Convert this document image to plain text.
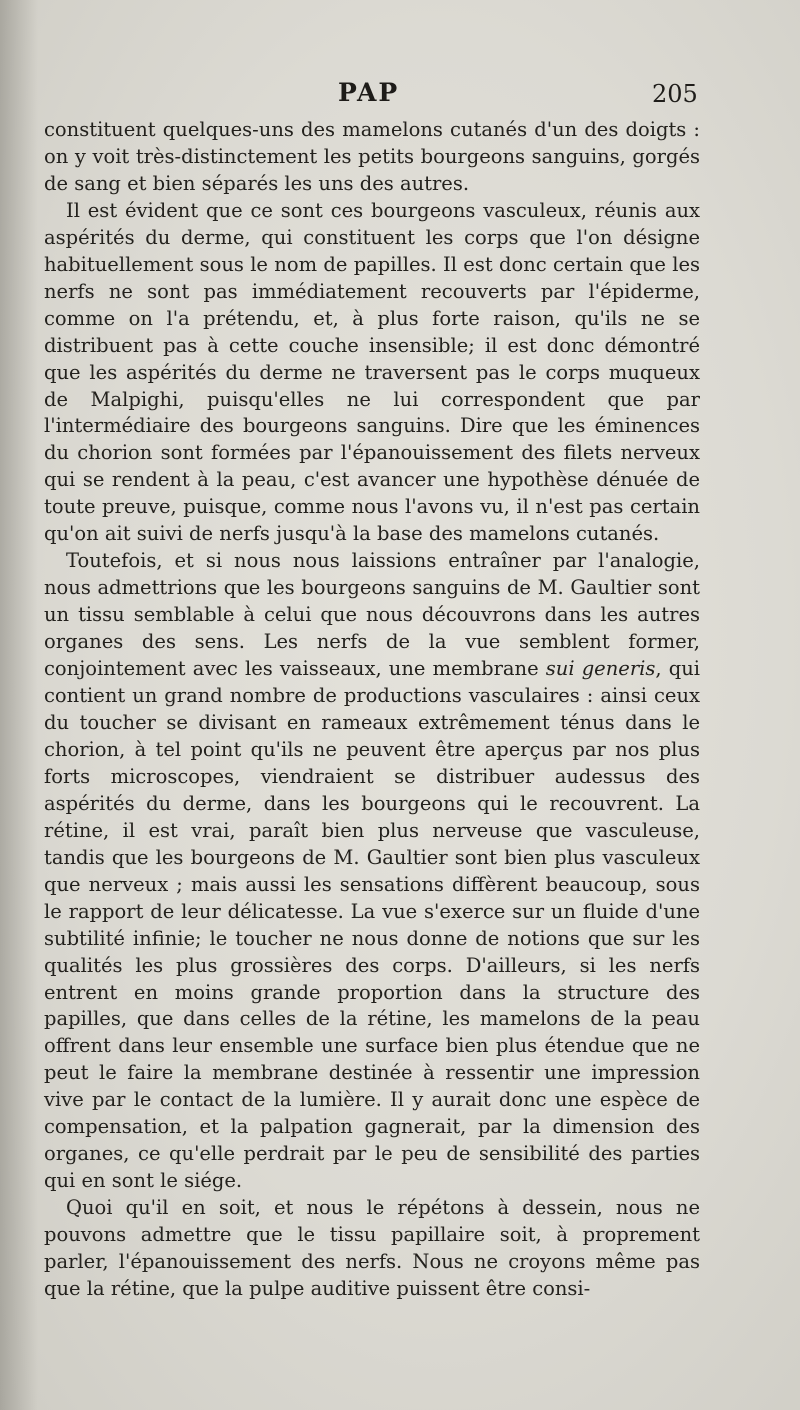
PAP	205

constituent quelques-uns des mamelons cutanés d'un des doigts : on y voit très-distinctement les petits bourgeons sanguins, gorgés de sang et bien séparés les uns des autres.

Il est évident que ce sont ces bourgeons vasculeux, réunis aux aspérités du derme, qui constituent les corps que l'on désigne habituellement sous le nom de papilles. Il est donc certain que les nerfs ne sont pas immédiatement recouverts par l'épiderme, comme on l'a prétendu, et, à plus forte raison, qu'ils ne se distribuent pas à cette couche insensible; il est donc démontré que les aspérités du derme ne traversent pas le corps muqueux de Malpighi, puisqu'elles ne lui correspondent que par l'intermédiaire des bourgeons sanguins. Dire que les éminences du chorion sont formées par l'épanouissement des filets nerveux qui se rendent à la peau, c'est avancer une hypothèse dénuée de toute preuve, puisque, comme nous l'avons vu, il n'est pas certain qu'on ait suivi de nerfs jusqu'à la base des mamelons cutanés.

Toutefois, et si nous nous laissions entraîner par l'analogie, nous admettrions que les bourgeons sanguins de M. Gaultier sont un tissu semblable à celui que nous découvrons dans les autres organes des sens. Les nerfs de la vue semblent former, conjointement avec les vaisseaux, une membrane sui generis, qui contient un grand nombre de productions vasculaires : ainsi ceux du toucher se divisant en rameaux extrêmement ténus dans le chorion, à tel point qu'ils ne peuvent être aperçus par nos plus forts microscopes, viendraient se distribuer audessus des aspérités du derme, dans les bourgeons qui le recouvrent. La rétine, il est vrai, paraît bien plus nerveuse que vasculeuse, tandis que les bourgeons de M. Gaultier sont bien plus vasculeux que nerveux ; mais aussi les sensations diffèrent beaucoup, sous le rapport de leur délicatesse. La vue s'exerce sur un fluide d'une subtilité infinie; le toucher ne nous donne de notions que sur les qualités les plus grossières des corps. D'ailleurs, si les nerfs entrent en moins grande proportion dans la structure des papilles, que dans celles de la rétine, les mamelons de la peau offrent dans leur ensemble une surface bien plus étendue que ne peut le faire la membrane destinée à ressentir une impression vive par le contact de la lumière. Il y aurait donc une espèce de compensation, et la palpation gagnerait, par la dimension des organes, ce qu'elle perdrait par le peu de sensibilité des parties qui en sont le siége.

Quoi qu'il en soit, et nous le répétons à dessein, nous ne pouvons admettre que le tissu papillaire soit, à proprement parler, l'épanouissement des nerfs. Nous ne croyons même pas que la rétine, que la pulpe auditive puissent être consi-
